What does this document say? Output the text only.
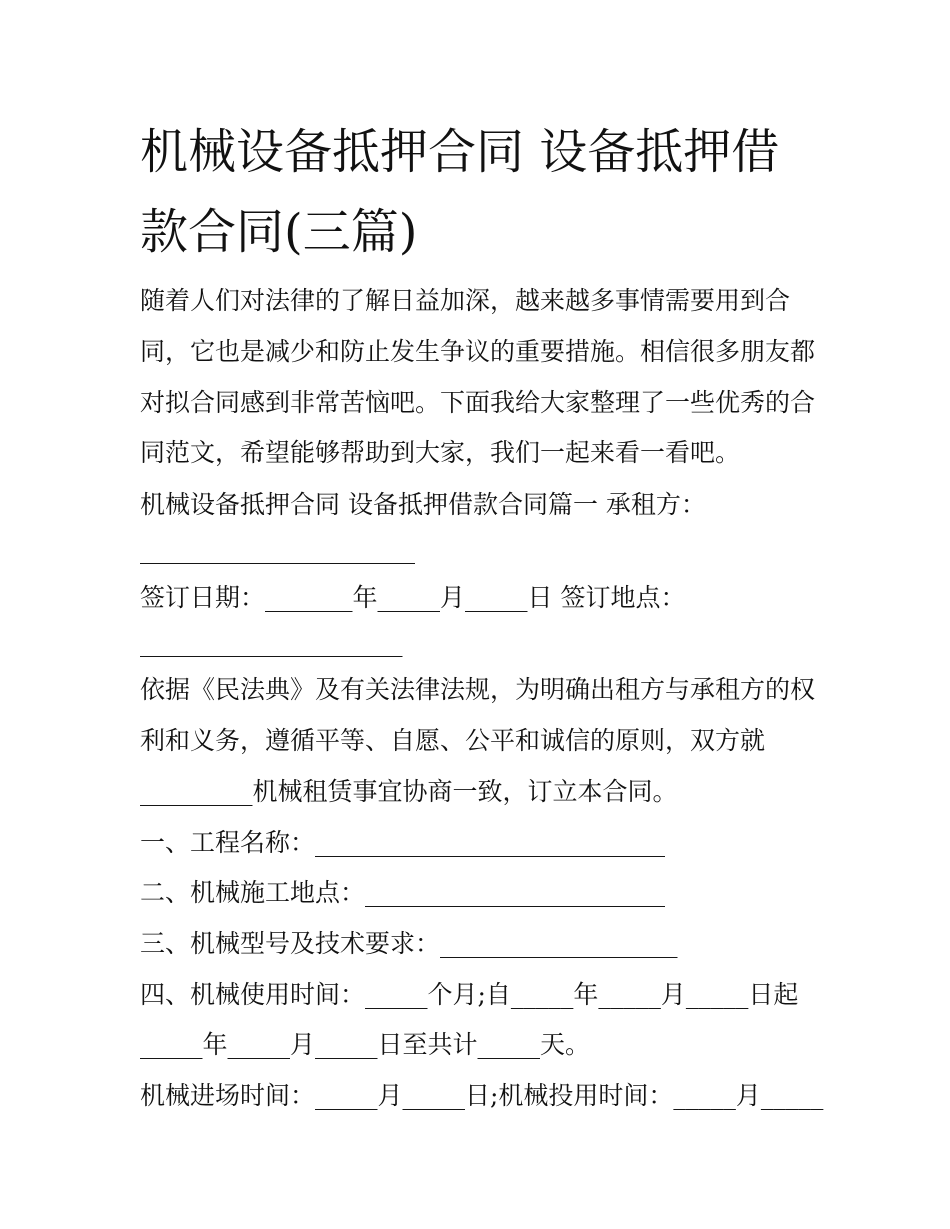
机械设备抵押合同 设备抵押借
款合同(三篇)

随着人们对法律的了解日益加深，越来越多事情需要用到合

同，它也是减少和防止发生争议的重要措施。相信很多朋友都

对拟合同感到非常苦恼吧。下面我给大家整理了一些优秀的合

同范文，希望能够帮助到大家，我们一起来看一看吧。

机械设备抵押合同 设备抵押借款合同篇一 承租方：

______________________

签订日期：_______年_____月_____日 签订地点：

_____________________

依据《民法典》及有关法律法规，为明确出租方与承租方的权

利和义务，遵循平等、自愿、公平和诚信的原则，双方就

_________机械租赁事宜协商一致，订立本合同。

一、工程名称：____________________________

二、机械施工地点：________________________

三、机械型号及技术要求：___________________

四、机械使用时间：_____个月;自_____年_____月_____日起

_____年_____月_____日至共计_____天。

机械进场时间：_____月_____日;机械投用时间：_____月_____
